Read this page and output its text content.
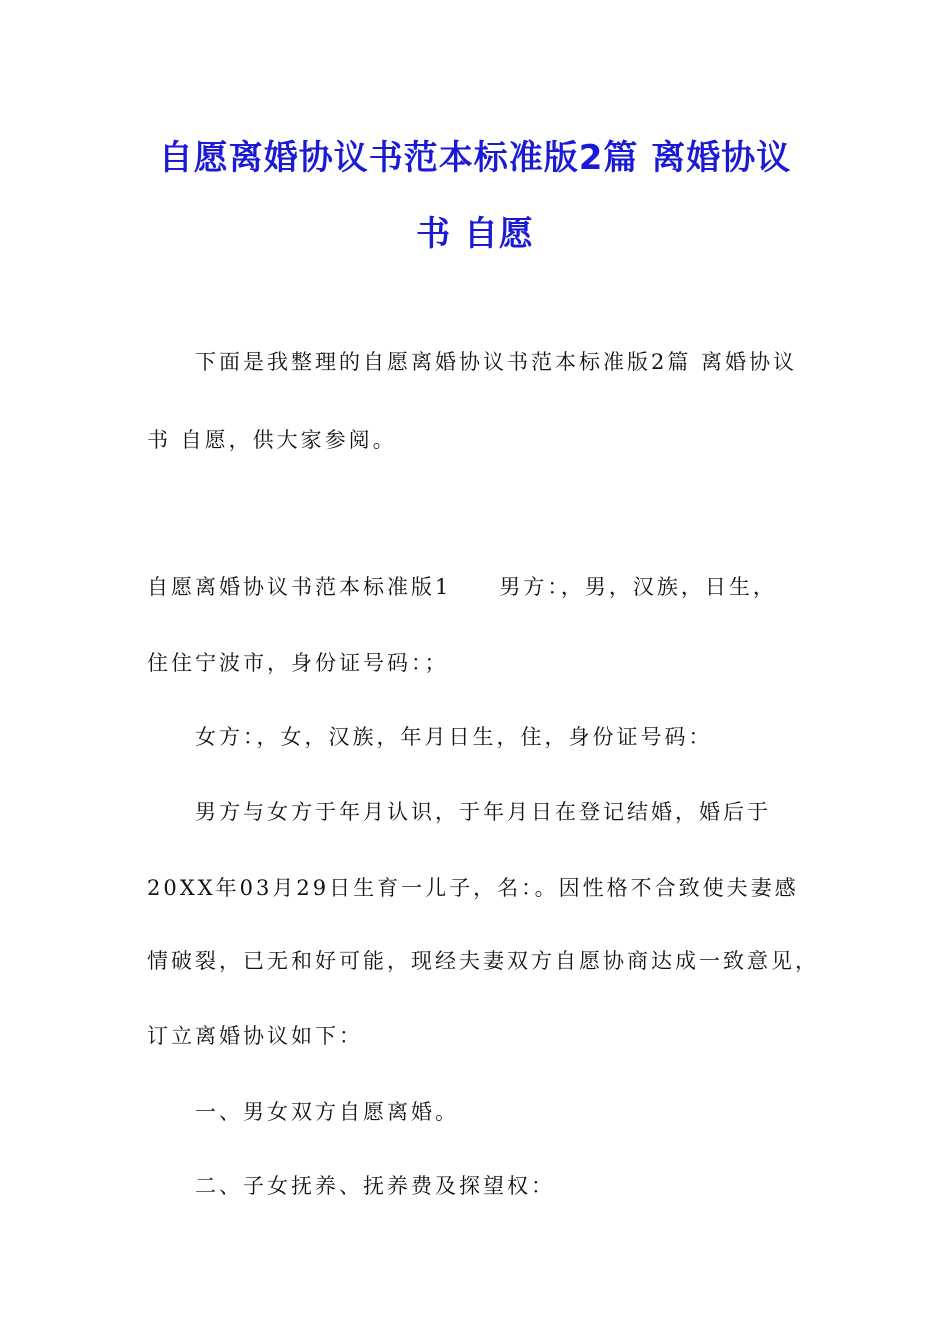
自愿离婚协议书范本标准版2篇 离婚协议
书 自愿
下面是我整理的自愿离婚协议书范本标准版2篇 离婚协议
书 自愿，供大家参阅。
自愿离婚协议书范本标准版1　　男方：，男，汉族，日生，
住住宁波市，身份证号码：；
女方：，女，汉族，年月日生，住，身份证号码：
男方与女方于年月认识，于年月日在登记结婚，婚后于
20XX年03月29日生育一儿子，名：。因性格不合致使夫妻感
情破裂，已无和好可能，现经夫妻双方自愿协商达成一致意见，
订立离婚协议如下：
一、男女双方自愿离婚。
二、子女抚养、抚养费及探望权：
